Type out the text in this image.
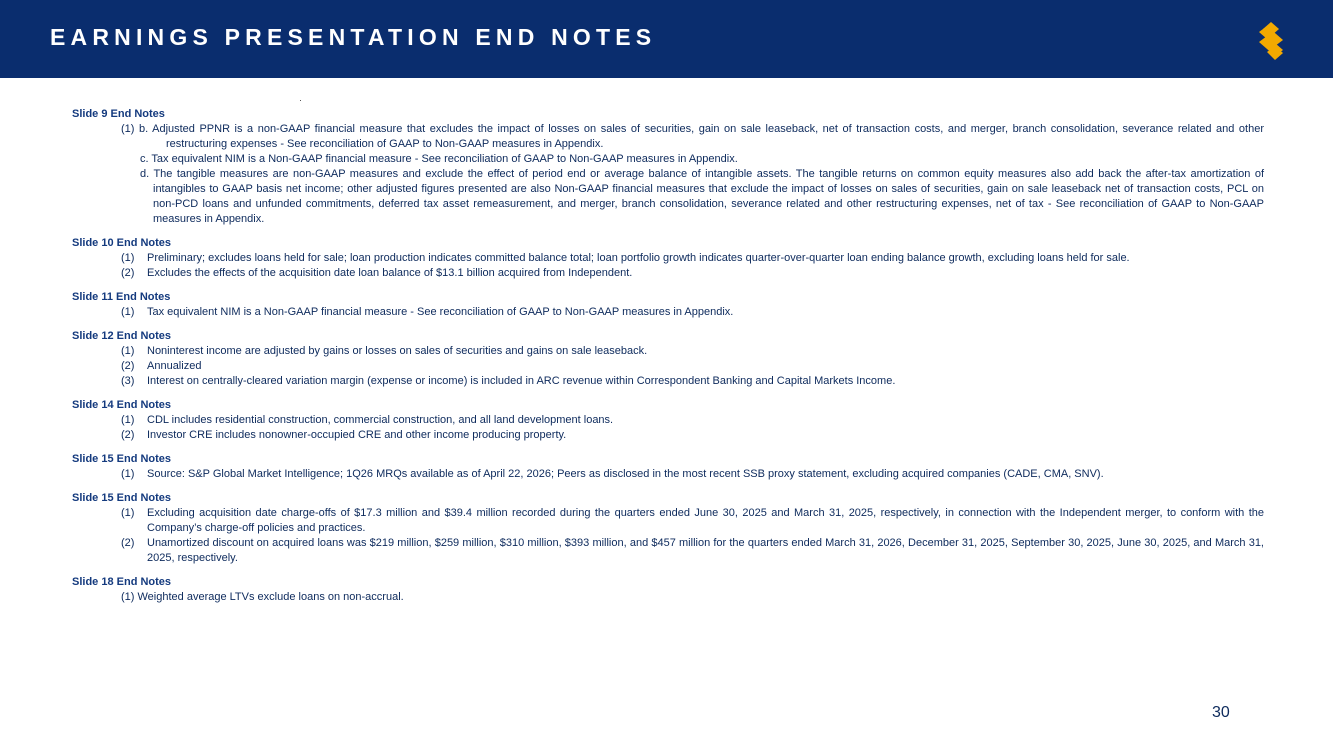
EARNINGS PRESENTATION END NOTES
Slide 9 End Notes
(1) b. Adjusted PPNR is a non-GAAP financial measure that excludes the impact of losses on sales of securities, gain on sale leaseback, net of transaction costs, and merger, branch consolidation, severance related and other restructuring expenses - See reconciliation of GAAP to Non-GAAP measures in Appendix.
c. Tax equivalent NIM is a Non-GAAP financial measure - See reconciliation of GAAP to Non-GAAP measures in Appendix.
d. The tangible measures are non-GAAP measures and exclude the effect of period end or average balance of intangible assets. The tangible returns on common equity measures also add back the after-tax amortization of intangibles to GAAP basis net income; other adjusted figures presented are also Non-GAAP financial measures that exclude the impact of losses on sales of securities, gain on sale leaseback net of transaction costs, PCL on non-PCD loans and unfunded commitments, deferred tax asset remeasurement, and merger, branch consolidation, severance related and other restructuring expenses, net of tax - See reconciliation of GAAP to Non-GAAP measures in Appendix.
Slide 10 End Notes
(1) Preliminary; excludes loans held for sale; loan production indicates committed balance total; loan portfolio growth indicates quarter-over-quarter loan ending balance growth, excluding loans held for sale.
(2) Excludes the effects of the acquisition date loan balance of $13.1 billion acquired from Independent.
Slide 11 End Notes
(1) Tax equivalent NIM is a Non-GAAP financial measure - See reconciliation of GAAP to Non-GAAP measures in Appendix.
Slide 12 End Notes
(1) Noninterest income are adjusted by gains or losses on sales of securities and gains on sale leaseback.
(2) Annualized
(3) Interest on centrally-cleared variation margin (expense or income) is included in ARC revenue within Correspondent Banking and Capital Markets Income.
Slide 14 End Notes
(1) CDL includes residential construction, commercial construction, and all land development loans.
(2) Investor CRE includes nonowner-occupied CRE and other income producing property.
Slide 15 End Notes
(1) Source: S&P Global Market Intelligence; 1Q26 MRQs available as of April 22, 2026; Peers as disclosed in the most recent SSB proxy statement, excluding acquired companies (CADE, CMA, SNV).
Slide 15 End Notes
(1) Excluding acquisition date charge-offs of $17.3 million and $39.4 million recorded during the quarters ended June 30, 2025 and March 31, 2025, respectively, in connection with the Independent merger, to conform with the Company’s charge-off policies and practices.
(2) Unamortized discount on acquired loans was $219 million, $259 million, $310 million, $393 million, and $457 million for the quarters ended March 31, 2026, December 31, 2025, September 30, 2025, June 30, 2025, and March 31, 2025, respectively.
Slide 18 End Notes
(1) Weighted average LTVs exclude loans on non-accrual.
30
